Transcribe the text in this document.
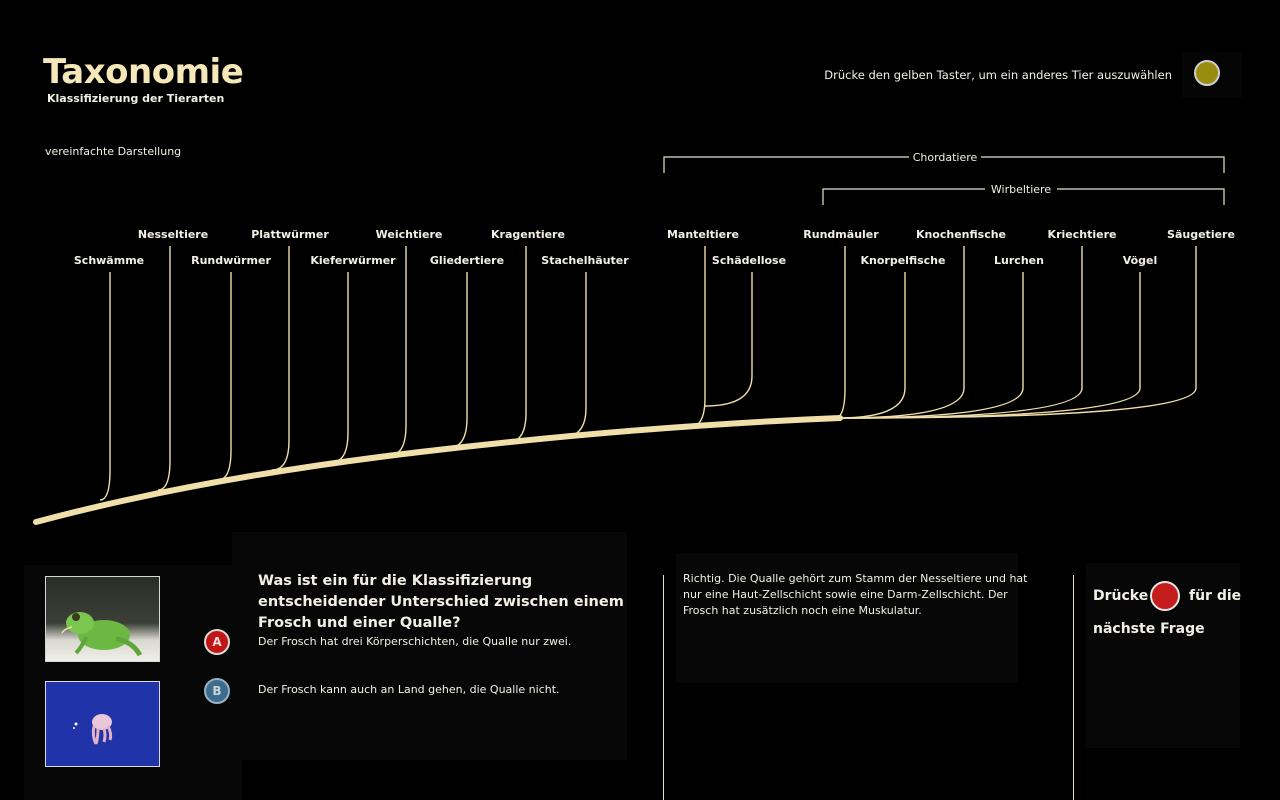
Taxonomie
Klassifizierung der Tierarten
vereinfachte Darstellung
Drücke den gelben Taster, um ein anderes Tier auszuwählen
Schwämme
Nesseltiere
Rundwürmer
Plattwürmer
Kieferwürmer
Weichtiere
Gliedertiere
Kragentiere
Stachelhäuter
Manteltiere
Schädellose
Rundmäuler
Knorpelfische
Knochenfische
Lurchen
Kriechtiere
Vögel
Säugetiere
Chordatiere
Wirbeltiere
Was ist ein für die Klassifizierung entscheidender Unterschied zwischen einem Frosch und einer Qualle?
A	Der Frosch hat drei Körperschichten, die Qualle nur zwei.
B	Der Frosch kann auch an Land gehen, die Qualle nicht.
Richtig. Die Qualle gehört zum Stamm der Nesseltiere und hat nur eine Haut-Zellschicht sowie eine Darm-Zellschicht. Der Frosch hat zusätzlich noch eine Muskulatur.
Drücke	für die
nächste Frage
